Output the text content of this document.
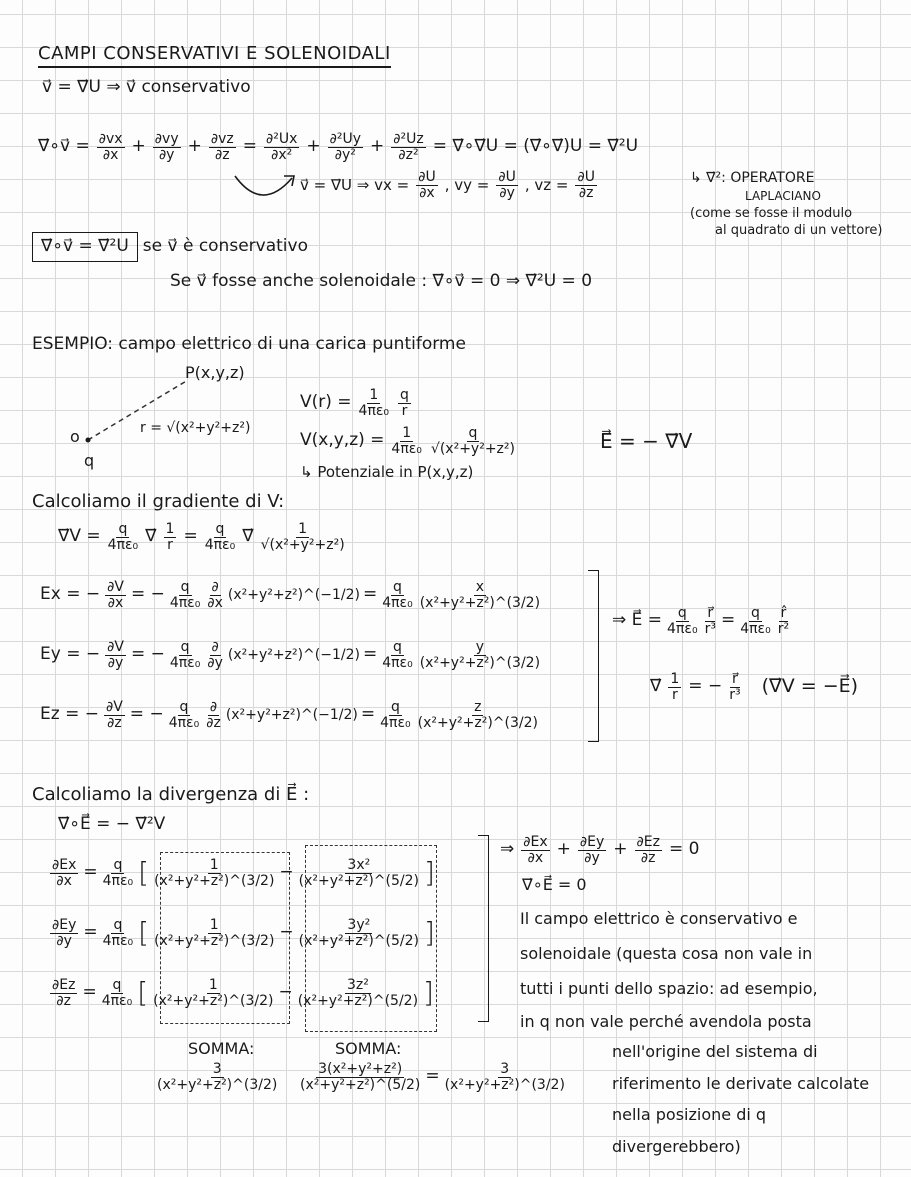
CAMPI CONSERVATIVI E SOLENOIDALI
v⃗ = ∇⃗U ⇒ v⃗ conservativo
∇⃗∘v⃗ = $\frac{\partial vx}{\partial x} + \partial vy$
∂y + ∂vz
∂z = ∂²Ux
∂x² + ∂²Uy
$\partial y^2 + \frac{\text{∂²Uz}}{\text{∂z²}}$ = ∇⃗∘∇⃗U = (∇⃗∘∇⃗)U = ∇⃗²U
v⃗ = ∇⃗U ⇒ vx = $\frac{\partial U}{\partial x}$ , vy = $\frac{\partial U}{\partial y}$ , vz = $\frac{\partial U}{\partial z}$	↳ ∇⃗²: OPERATORE
LAPLACIANO
(come se fosse il modulo
al quadrato di un vettore)
∇⃗∘v⃗ = ∇⃗²U se v⃗ è conservativo
Se v⃗ fosse anche solenoidale : ∇⃗∘v⃗ = 0 ⇒ ∇⃗²U = 0
ESEMPIO: campo elettrico di una carica puntiforme
P(x,y,z)
o
q
r = √(x²+y²+z²)
$V(r) = \frac{1}{\text{4πε₀}}$ q
r
$V(x,y,z) = \frac{1}{\text{4πε₀}}$	q
√(x²+y²+z²)
↳ Potenziale in P(x,y,z)
E⃗ = − ∇⃗V
Calcoliamo il gradiente di V:
∇⃗V = $\frac{q}{\text{4πε₀}}$ ∇⃗ $\frac{1}{r} = \frac{q}{\text{4πε₀}}$ ∇⃗	1
√(x²+y²+z²)
Ex = − $\frac{\partial V}{\partial x}$ = − $\frac{q}{\text{4πε₀}}$ ∂
∂x (x²+y²+z²)^(−1/2) = $\frac{q}{\text{4πε₀}}$	x
(x²+y²+z²)^(3/2)
Ey = − $\frac{\partial V}{\partial y}$ = − $\frac{q}{\text{4πε₀}}$ ∂
∂y (x²+y²+z²)^(−1/2) = $\frac{q}{\text{4πε₀}}$	y
(x²+y²+z²)^(3/2)
Ez = − $\frac{\partial V}{\partial z}$ = − $\frac{q}{\text{4πε₀}}$ ∂
∂z (x²+y²+z²)^(−1/2) = $\frac{q}{\text{4πε₀}}$	z
(x²+y²+z²)^(3/2)
⇒ E⃗ = $\frac{q}{\text{4πε₀}} \frac{r⃗}{\text{r³}} = \frac{q}{\text{4πε₀}}$ r̂
r²
∇⃗ $\frac{1}{r}$ = − $\frac{r⃗}{\text{r³}}$ (∇⃗V = −E⃗)
Calcoliamo la divergenza di E⃗ :
∇⃗∘E⃗ = − ∇⃗²V
$\frac{\partial Ex}{\partial x} = \frac{q}{\text{4πε₀}}$ [	1
(x²+y²+z²)^(3/2) − $\frac{\text{3x²}}{\text{(x²+y²+z²)\textasciicircum{}(5/2)}}$ ]
$\frac{\partial Ey}{\partial y} = \frac{q}{\text{4πε₀}}$ [	1
(x²+y²+z²)^(3/2) − $\frac{\text{3y²}}{\text{(x²+y²+z²)\textasciicircum{}(5/2)}}$ ]
$\frac{\partial Ez}{\partial z} = \frac{q}{\text{4πε₀}}$ [	1
(x²+y²+z²)^(3/2) − $\frac{\text{3z²}}{\text{(x²+y²+z²)\textasciicircum{}(5/2)}}$ ]
SOMMA:	SOMMA:
3
(x²+y²+z²)^(3/2) $\frac{\text{3(x²+y²+z²)}}{\text{(x²+y²+z²)\textasciicircum{}(5/2)}} = \frac{3}{\text{(x²+y²+z²)\textasciicircum{}(3/2)}}$
⇒ ∂Ex
∂x + ∂Ey
$\partial y + \frac{\partial Ez}{\partial z} = 0$
∇⃗∘E⃗ = 0
Il campo elettrico è conservativo e
solenoidale (questa cosa non vale in
tutti i punti dello spazio: ad esempio,
in q non vale perché avendola posta
nell'origine del sistema di
riferimento le derivate calcolate
nella posizione di q
divergerebbero)
